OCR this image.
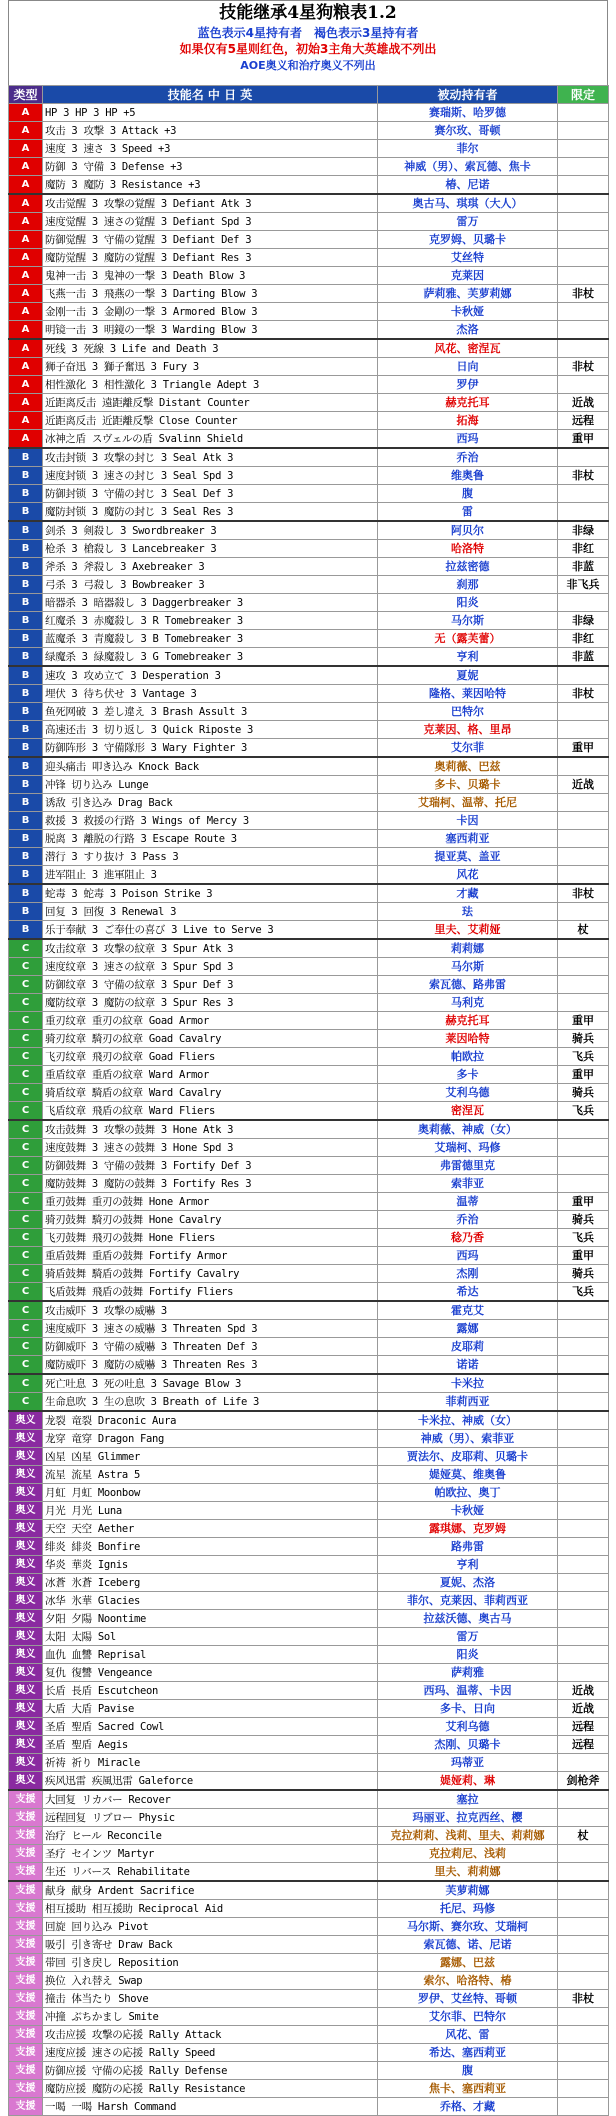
技能继承4星狗粮表1.2
蓝色表示4星持有者　褐色表示3星持有者
如果仅有5星则红色，初始3主角大英雄战不列出
AOE奥义和治疗奥义不列出
类型	技能名 中 日 英	被动持有者	限定
A	HP 3 HP 3 HP +5	赛瑞斯、哈罗德	
A	攻击 3 攻撃 3 Attack +3	赛尔玫、哥顿	
A	速度 3 速さ 3 Speed +3	菲尔	
A	防御 3 守備 3 Defense +3	神威（男）、索瓦德、焦卡	
A	魔防 3 魔防 3 Resistance +3	椿、尼诺	
A	攻击觉醒 3 攻撃の覚醒 3 Defiant Atk 3	奥古马、琪琪（大人）	
A	速度觉醒 3 速さの覚醒 3 Defiant Spd 3	雷万	
A	防御觉醒 3 守備の覚醒 3 Defiant Def 3	克罗姆、贝璐卡	
A	魔防觉醒 3 魔防の覚醒 3 Defiant Res 3	艾丝特	
A	鬼神一击 3 鬼神の一撃 3 Death Blow 3	克莱因	
A	飞燕一击 3 飛燕の一撃 3 Darting Blow 3	萨莉雅、芙萝莉娜	非杖
A	金刚一击 3 金剛の一撃 3 Armored Blow 3	卡秋娅	
A	明镜一击 3 明鏡の一撃 3 Warding Blow 3	杰洛	
A	死线 3 死線 3 Life and Death 3	风花、密涅瓦	
A	狮子奋迅 3 獅子奮迅 3 Fury 3	日向	非杖
A	相性激化 3 相性激化 3 Triangle Adept 3	罗伊	
A	近距离反击 遠距離反撃 Distant Counter	赫克托耳	近战
A	近距离反击 近距離反撃 Close Counter	拓海	远程
A	冰神之盾 スヴェルの盾 Svalinn Shield	西玛	重甲
B	攻击封锁 3 攻撃の封じ 3 Seal Atk 3	乔治	
B	速度封锁 3 速さの封じ 3 Seal Spd 3	维奥鲁	非杖
B	防御封锁 3 守備の封じ 3 Seal Def 3	腹	
B	魔防封锁 3 魔防の封じ 3 Seal Res 3	雷	
B	剑杀 3 剣殺し 3 Swordbreaker 3	阿贝尔	非绿
B	枪杀 3 槍殺し 3 Lancebreaker 3	哈洛特	非红
B	斧杀 3 斧殺し 3 Axebreaker 3	拉兹密德	非蓝
B	弓杀 3 弓殺し 3 Bowbreaker 3	刹那	非飞兵
B	暗器杀 3 暗器殺し 3 Daggerbreaker 3	阳炎	
B	红魔杀 3 赤魔殺し 3 R Tomebreaker 3	马尔斯	非绿
B	蓝魔杀 3 青魔殺し 3 B Tomebreaker 3	无（露芙蕾）	非红
B	绿魔杀 3 緑魔殺し 3 G Tomebreaker 3	亨利	非蓝
B	速攻 3 攻め立て 3 Desperation 3	夏妮	
B	埋伏 3 待ち伏せ 3 Vantage 3	隆格、莱因哈特	非杖
B	鱼死网破 3 差し違え 3 Brash Assult 3	巴特尔	
B	高速还击 3 切り返し 3 Quick Riposte 3	克莱因、格、里昂	
B	防御阵形 3 守備隊形 3 Wary Fighter 3	艾尔菲	重甲
B	迎头痛击 叩き込み Knock Back	奥莉薇、巴兹	
B	冲锋 切り込み Lunge	多卡、贝璐卡	近战
B	诱敌 引き込み Drag Back	艾瑞柯、温蒂、托尼	
B	救援 3 救援の行路 3 Wings of Mercy 3	卡因	
B	脱离 3 離脱の行路 3 Escape Route 3	塞西莉亚	
B	潜行 3 すり抜け 3 Pass 3	提亚莫、盖亚	
B	进军阻止 3 進軍阻止 3	风花	
B	蛇毒 3 蛇毒 3 Poison Strike 3	才藏	非杖
B	回复 3 回復 3 Renewal 3	珐	
B	乐于奉献 3 ご奉仕の喜び 3 Live to Serve 3	里夫、艾莉娅	杖
C	攻击纹章 3 攻撃の紋章 3 Spur Atk 3	莉莉娜	
C	速度纹章 3 速さの紋章 3 Spur Spd 3	马尔斯	
C	防御纹章 3 守備の紋章 3 Spur Def 3	索瓦德、路弗雷	
C	魔防纹章 3 魔防の紋章 3 Spur Res 3	马利克	
C	重刃纹章 重刃の紋章 Goad Armor	赫克托耳	重甲
C	骑刃纹章 騎刃の紋章 Goad Cavalry	莱因哈特	骑兵
C	飞刃纹章 飛刃の紋章 Goad Fliers	帕欧拉	飞兵
C	重盾纹章 重盾の紋章 Ward Armor	多卡	重甲
C	骑盾纹章 騎盾の紋章 Ward Cavalry	艾利乌德	骑兵
C	飞盾纹章 飛盾の紋章 Ward Fliers	密涅瓦	飞兵
C	攻击鼓舞 3 攻撃の鼓舞 3 Hone Atk 3	奥莉薇、神威（女）	
C	速度鼓舞 3 速さの鼓舞 3 Hone Spd 3	艾瑞柯、玛修	
C	防御鼓舞 3 守備の鼓舞 3 Fortify Def 3	弗雷德里克	
C	魔防鼓舞 3 魔防の鼓舞 3 Fortify Res 3	索菲亚	
C	重刃鼓舞 重刃の鼓舞 Hone Armor	温蒂	重甲
C	骑刃鼓舞 騎刃の鼓舞 Hone Cavalry	乔治	骑兵
C	飞刃鼓舞 飛刃の鼓舞 Hone Fliers	稔乃香	飞兵
C	重盾鼓舞 重盾の鼓舞 Fortify Armor	西玛	重甲
C	骑盾鼓舞 騎盾の鼓舞 Fortify Cavalry	杰刚	骑兵
C	飞盾鼓舞 飛盾の鼓舞 Fortify Fliers	希达	飞兵
C	攻击威吓 3 攻撃の威嚇 3	霍克艾	
C	速度威吓 3 速さの威嚇 3 Threaten Spd 3	露娜	
C	防御威吓 3 守備の威嚇 3 Threaten Def 3	皮耶莉	
C	魔防威吓 3 魔防の威嚇 3 Threaten Res 3	诺诺	
C	死亡吐息 3 死の吐息 3 Savage Blow 3	卡米拉	
C	生命息吹 3 生の息吹 3 Breath of Life 3	菲莉西亚	
奥义	龙裂 竜裂 Draconic Aura	卡米拉、神威（女）	
奥义	龙穿 竜穿 Dragon Fang	神威（男）、索菲亚	
奥义	凶星 凶星 Glimmer	贾法尔、皮耶莉、贝璐卡	
奥义	流星 流星 Astra 5	媞娅莫、维奥鲁	
奥义	月虹 月虹 Moonbow	帕欧拉、奥丁	
奥义	月光 月光 Luna	卡秋娅	
奥义	天空 天空 Aether	露琪娜、克罗姆	
奥义	绯炎 緋炎 Bonfire	路弗雷	
奥义	华炎 華炎 Ignis	亨利	
奥义	冰蒼 氷蒼 Iceberg	夏妮、杰洛	
奥义	冰华 氷華 Glacies	菲尔、克莱因、菲莉西亚	
奥义	夕阳 夕陽 Noontime	拉兹沃德、奥古马	
奥义	太阳 太陽 Sol	雷万	
奥义	血仇 血讐 Reprisal	阳炎	
奥义	复仇 復讐 Vengeance	萨莉雅	
奥义	长盾 長盾 Escutcheon	西玛、温蒂、卡因	近战
奥义	大盾 大盾 Pavise	多卡、日向	近战
奥义	圣盾 聖盾 Sacred Cowl	艾利乌德	远程
奥义	圣盾 聖盾 Aegis	杰刚、贝璐卡	远程
奥义	祈祷 祈り Miracle	玛蒂亚	
奥义	疾风迅雷 疾風迅雷 Galeforce	媞娅莉、琳	剑枪斧
支援	大回复 リカバー Recover	塞拉	
支援	远程回复 リブロー Physic	玛丽亚、拉克西丝、樱	
支援	治疗 ヒール Reconcile	克拉莉莉、浅莉、里夫、莉莉娜	杖
支援	圣疗 セインツ Martyr	克拉莉尼、浅莉	
支援	生还 リバース Rehabilitate	里夫、莉莉娜	
支援	献身 献身 Ardent Sacrifice	芙萝莉娜	
支援	相互援助 相互援助 Reciprocal Aid	托尼、玛修	
支援	回旋 回り込み Pivot	马尔斯、赛尔玫、艾瑞柯	
支援	吸引 引き寄せ Draw Back	索瓦德、诺、尼诺	
支援	带回 引き戻し Reposition	露娜、巴兹	
支援	换位 入れ替え Swap	索尔、哈洛特、椿	
支援	撞击 体当たり Shove	罗伊、艾丝特、哥顿	非杖
支援	冲撞 ぶちかまし Smite	艾尔菲、巴特尔	
支援	攻击应援 攻撃の応援 Rally Attack	风花、雷	
支援	速度应援 速さの応援 Rally Speed	希达、塞西莉亚	
支援	防御应援 守備の応援 Rally Defense	腹	
支援	魔防应援 魔防の応援 Rally Resistance	焦卡、塞西莉亚	
支援	一喝 一喝 Harsh Command	乔格、才藏	
